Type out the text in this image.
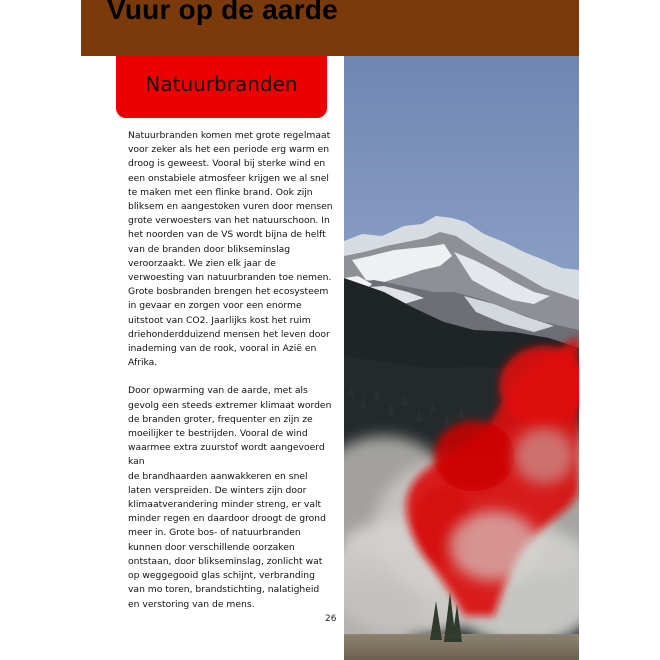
Vuur op de aarde
Natuurbranden

Natuurbranden komen met grote regelmaat
voor zeker als het een periode erg warm en
droog is geweest. Vooral bij sterke wind en
een onstabiele atmosfeer krijgen we al snel
te maken met een flinke brand. Ook zijn
bliksem en aangestoken vuren door mensen
grote verwoesters van het natuurschoon. In
het noorden van de VS wordt bijna de helft
van de branden door blikseminslag
veroorzaakt. We zien elk jaar de
verwoesting van natuurbranden toe nemen.
Grote bosbranden brengen het ecosysteem
in gevaar en zorgen voor een enorme
uitstoot van CO2. Jaarlijks kost het ruim
driehonderdduizend mensen het leven door
inademing van de rook, vooral in Azië en
Afrika.

Door opwarming van de aarde, met als
gevolg een steeds extremer klimaat worden
de branden groter, frequenter en zijn ze
moeilijker te bestrijden. Vooral de wind
waarmee extra zuurstof wordt aangevoerd kan
de brandhaarden aanwakkeren en snel
laten verspreiden. De winters zijn door
klimaatverandering minder streng, er valt
minder regen en daardoor droogt de grond
meer in. Grote bos- of natuurbranden
kunnen door verschillende oorzaken
ontstaan, door blikseminslag, zonlicht wat
op weggegooid glas schijnt, verbranding
van mo toren, brandstichting, nalatigheid
en verstoring van de mens.

26
